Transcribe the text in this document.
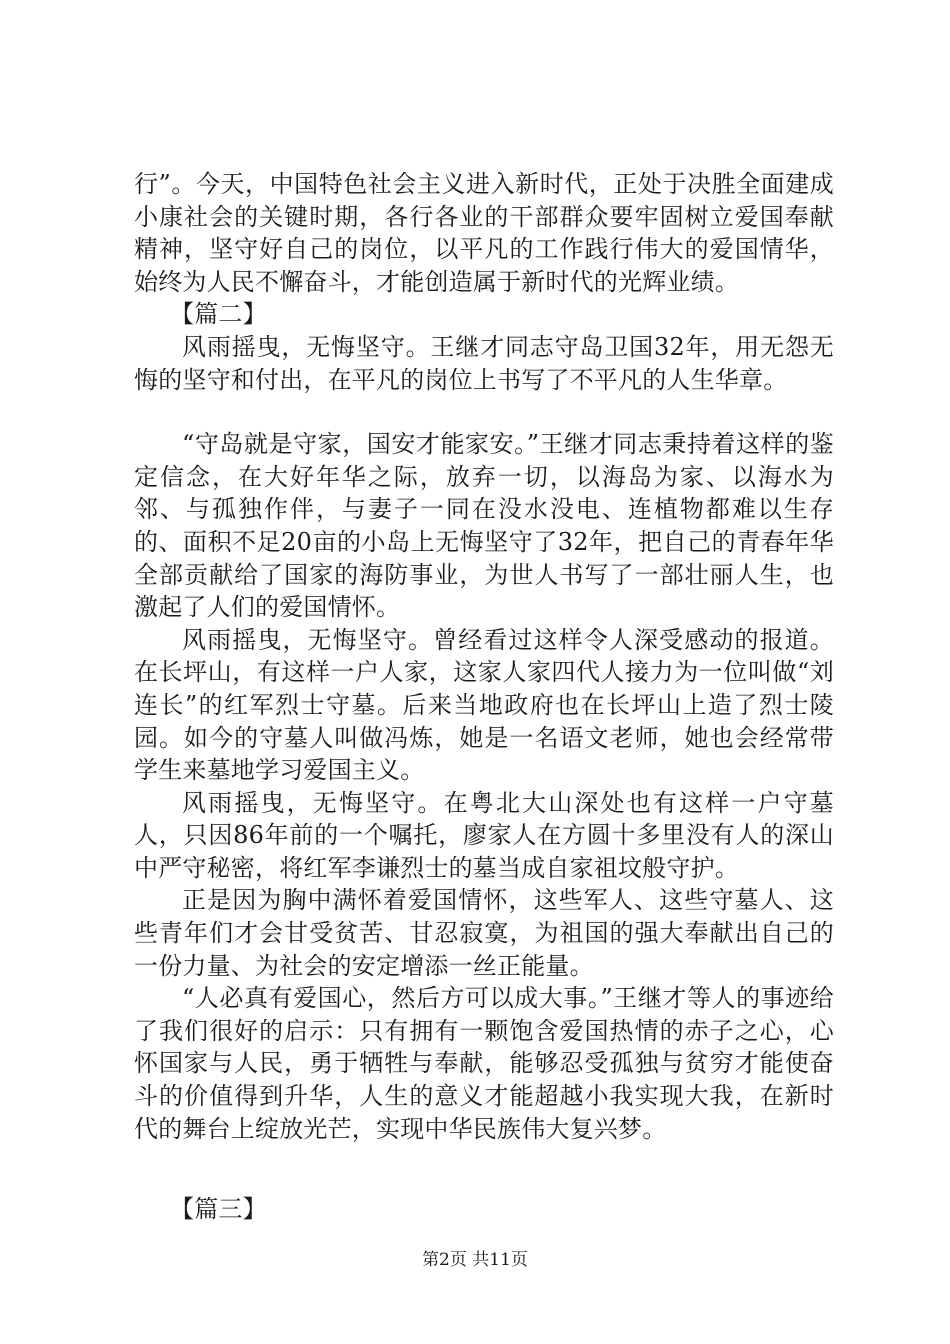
行”。今天，中国特色社会主义进入新时代，正处于决胜全面建成小康社会的关键时期，各行各业的干部群众要牢固树立爱国奉献精神，坚守好自己的岗位，以平凡的工作践行伟大的爱国情华，始终为人民不懈奋斗，才能创造属于新时代的光辉业绩。

【篇二】

风雨摇曳，无悔坚守。王继才同志守岛卫国32年，用无怨无悔的坚守和付出，在平凡的岗位上书写了不平凡的人生华章。

“守岛就是守家，国安才能家安。”王继才同志秉持着这样的鉴定信念，在大好年华之际，放弃一切，以海岛为家、以海水为邻、与孤独作伴，与妻子一同在没水没电、连植物都难以生存的、面积不足20亩的小岛上无悔坚守了32年，把自己的青春年华全部贡献给了国家的海防事业，为世人书写了一部壮丽人生，也激起了人们的爱国情怀。

风雨摇曳，无悔坚守。曾经看过这样令人深受感动的报道。在长坪山，有这样一户人家，这家人家四代人接力为一位叫做“刘连长”的红军烈士守墓。后来当地政府也在长坪山上造了烈士陵园。如今的守墓人叫做冯炼，她是一名语文老师，她也会经常带学生来墓地学习爱国主义。

风雨摇曳，无悔坚守。在粤北大山深处也有这样一户守墓人，只因86年前的一个嘱托，廖家人在方圆十多里没有人的深山中严守秘密，将红军李谦烈士的墓当成自家祖坟般守护。

正是因为胸中满怀着爱国情怀，这些军人、这些守墓人、这些青年们才会甘受贫苦、甘忍寂寞，为祖国的强大奉献出自己的一份力量、为社会的安定增添一丝正能量。

“人必真有爱国心，然后方可以成大事。”王继才等人的事迹给了我们很好的启示：只有拥有一颗饱含爱国热情的赤子之心，心怀国家与人民，勇于牺牲与奉献，能够忍受孤独与贫穷才能使奋斗的价值得到升华，人生的意义才能超越小我实现大我，在新时代的舞台上绽放光芒，实现中华民族伟大复兴梦。

【篇三】

第2页 共11页
